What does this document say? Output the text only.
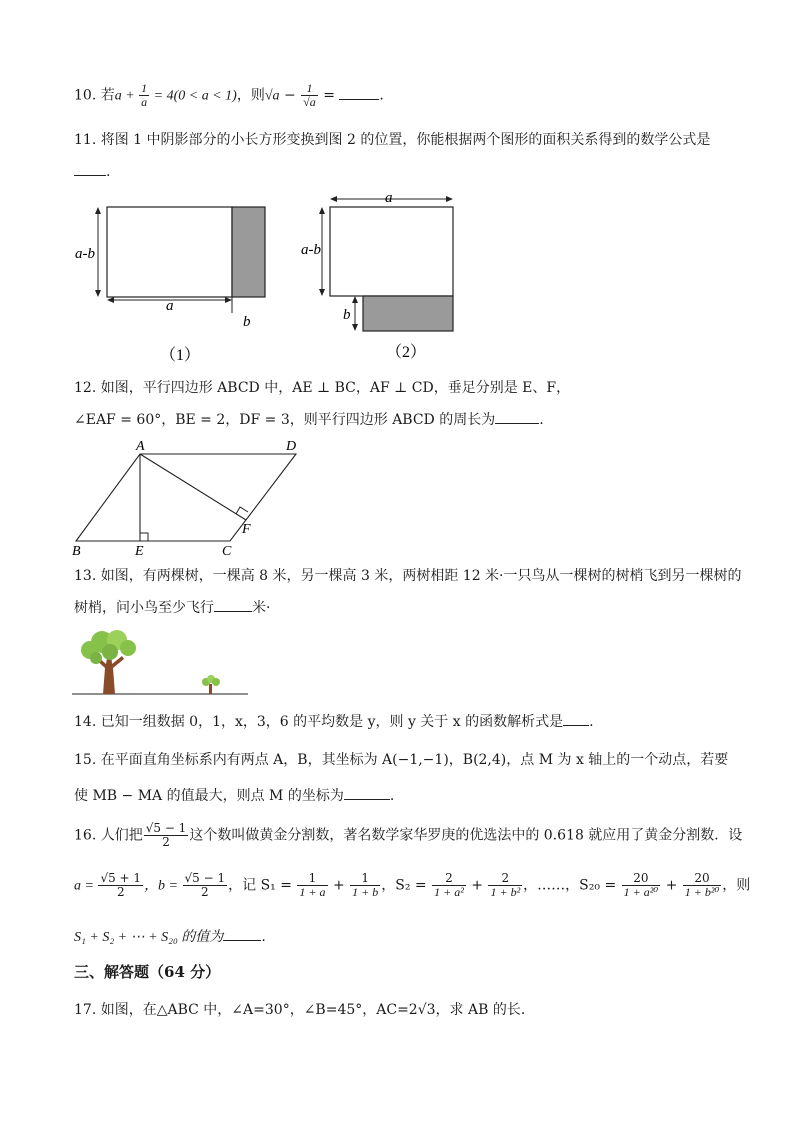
10. 若$a + \frac{1}{a} = 4(0 < a < 1)$，则$√a - \frac{1}{√a}$ =	.
11. 将图 1 中阴影部分的小长方形变换到图 2 的位置，你能根据两个图形的面积关系得到的数学公式是
.
a-b
a
b
（1）
a
a-b
b
（2）
12. 如图，平行四边形 ABCD 中，AE ⊥ BC，AF ⊥ CD，垂足分别是 E、F，
∠EAF = 60°，BE = 2，DF = 3，则平行四边形 ABCD 的周长为	.
A	D
B	E	C
F
13. 如图，有两棵树，一棵高 8 米，另一棵高 3 米，两树相距 12 米·一只鸟从一棵树的树梢飞到另一棵树的
树梢，问小鸟至少飞行	米·
14. 已知一组数据 0，1，x，3，6 的平均数是 y，则 y 关于 x 的函数解析式是 .
15. 在平面直角坐标系内有两点 A，B，其坐标为 A(−1,−1)，B(2,4)，点 M 为 x 轴上的一个动点，若要
使 MB − MA 的值最大，则点 M 的坐标为	.
16. 人们把 $\frac{√5 - 1}{2}$ 这个数叫做黄金分割数，著名数学家华罗庚的优选法中的 0.618 就应用了黄金分割数．设
$a = \frac{√5 + 1}{2}$ ，$b = \frac{√5 - 1}{2}$ ，记 $S_1 = \frac{1}{1 + a} + \frac{1}{1 + b}$ ，$S_2 = \frac{2}{\text{1 + a²}} + \frac{2}{\text{1 + b²}}$ ，……，$S_{20} = \frac{20}{\text{1 + a²⁰}} + \frac{20}{\text{1 + b²⁰}}$ ，则
S₁ + S₂ + ⋯ + S₂₀ 的值为	.
三、解答题（64 分）
17. 如图，在△ABC 中，∠A=30°，∠B=45°，AC=2√3，求 AB 的长．
